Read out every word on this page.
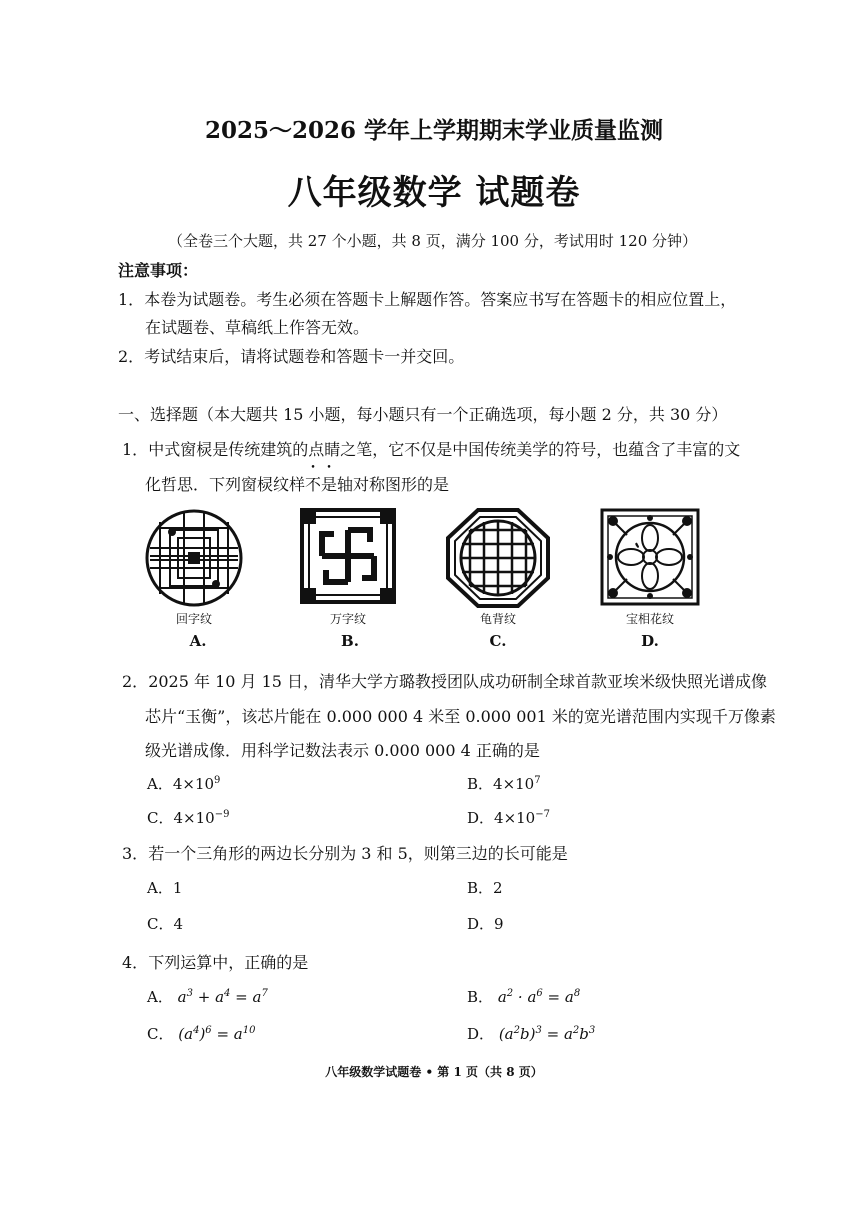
2025～2026 学年上学期期末学业质量监测
八年级数学 试题卷
（全卷三个大题，共 27 个小题，共 8 页，满分 100 分，考试用时 120 分钟）
注意事项：
1．本卷为试题卷。考生必须在答题卡上解题作答。答案应书写在答题卡的相应位置上，
在试题卷、草稿纸上作答无效。
2．考试结束后，请将试题卷和答题卡一并交回。
一、选择题（本大题共 15 小题，每小题只有一个正确选项，每小题 2 分，共 30 分）
1．中式窗棂是传统建筑的点睛之笔，它不仅是中国传统美学的符号，也蕴含了丰富的文
化哲思．下列窗棂纹样不是轴对称图形的是
回字纹
A.
万字纹
B.
龟背纹
C.
宝相花纹
D.
2．2025 年 10 月 15 日，清华大学方璐教授团队成功研制全球首款亚埃米级快照光谱成像
芯片“玉衡”，该芯片能在 0.000 000 4 米至 0.000 001 米的宽光谱范围内实现千万像素
级光谱成像．用科学记数法表示 0.000 000 4 正确的是
A．$4\times 10^9$	B．$4\times 10^7$
C．$4\times 10^{-9}$	D．$4\times 10^{-7}$
3．若一个三角形的两边长分别为 3 和 5，则第三边的长可能是
A．1	B．2
C．4	D．9
4．下列运算中，正确的是
A． $a^3 + a^4 = a^7$	B． $a^2 \cdot a^6 = a^8$
C． $(a^4)^6 = a^{10}$	D． $(a^2b)^3 = a^2b^3$
八年级数学试题卷 • 第 1 页（共 8 页）
